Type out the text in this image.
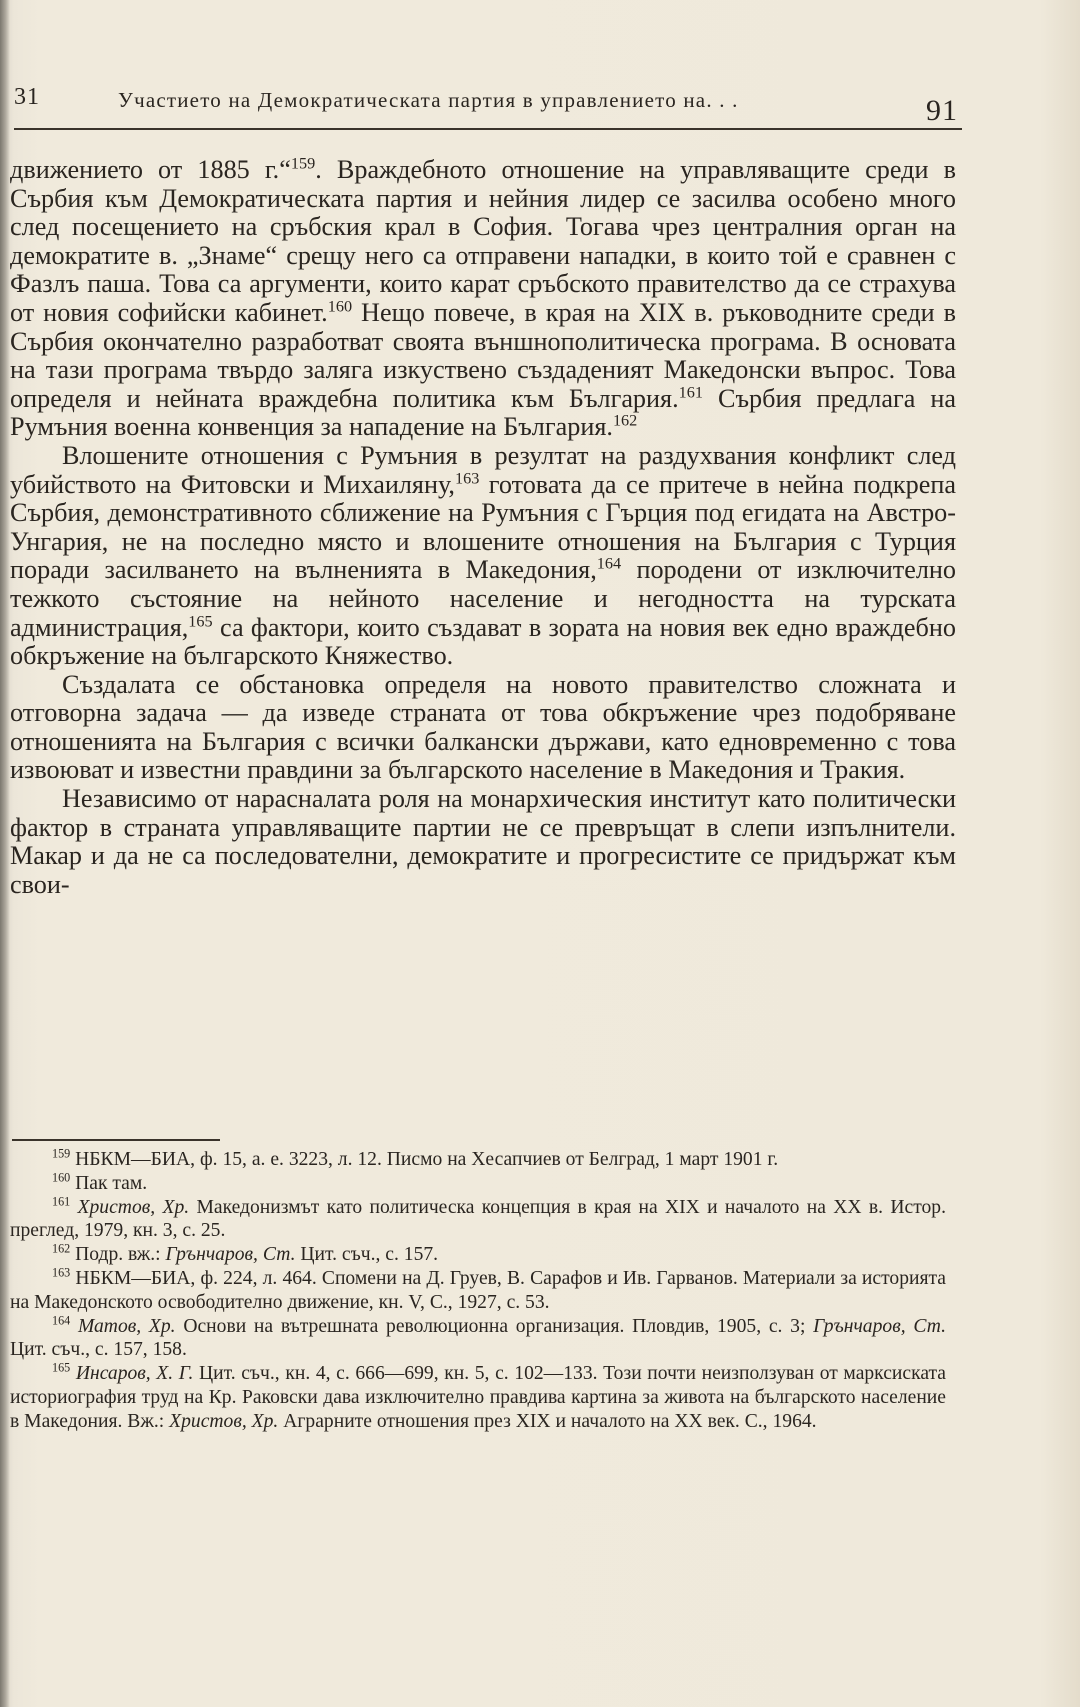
31	Участието на Демократическата партия в управлението на. . .	91

движението от 1885 г.“$^{159}$. Враждебното отношение на управляващите среди в Сърбия към Демократическата партия и нейния лидер се засилва особено много след посещението на сръбския крал в София. Тогава чрез централния орган на демократите в. „Знаме“ срещу него са отправени нападки, в които той е сравнен с Фазлъ паша. Това са аргументи, които карат сръбското правителство да се страхува от новия софийски кабинет.$^{160}$ Нещо повече, в края на XIX в. ръководните среди в Сърбия окончателно разработват своята външнополитическа програма. В основата на тази програма твърдо заляга изкуствено създаденият Македонски въпрос. Това определя и нейната враждебна политика към България.$^{161}$ Сърбия предлага на Румъния военна конвенция за нападение на България.$^{162}$

Влошените отношения с Румъния в резултат на раздухвания конфликт след убийството на Фитовски и Михаиляну,$^{163}$ готовата да се притече в нейна подкрепа Сърбия, демонстративното сближение на Румъния с Гърция под егидата на Австро-Унгария, не на последно място и влошените отношения на България с Турция поради засилването на вълненията в Македония,$^{164}$ породени от изключително тежкото състояние на нейното население и негодността на турската администрация,$^{165}$ са фактори, които създават в зората на новия век едно враждебно обкръжение на българското Княжество.

Създалата се обстановка определя на новото правителство сложната и отговорна задача — да изведе страната от това обкръжение чрез подобряване отношенията на България с всички балкански държави, като едновременно с това извоюват и известни правдини за българското население в Македония и Тракия.

Независимо от нарасналата роля на монархическия институт като политически фактор в страната управляващите партии не се превръщат в слепи изпълнители. Макар и да не са последователни, демократите и прогресистите се придържат към свои-

$^{159}$ НБКМ—БИА, ф. 15, а. е. 3223, л. 12. Писмо на Хесапчиев от Белград, 1 март 1901 г.

$^{160}$ Пак там.

$^{161}$ Христов, Хр. Македонизмът като политическа концепция в края на XIX и началото на XX в. Истор. преглед, 1979, кн. 3, с. 25.

$^{162}$ Подр. вж.: Грънчаров, Ст. Цит. съч., с. 157.

$^{163}$ НБКМ—БИА, ф. 224, л. 464. Спомени на Д. Груев, В. Сарафов и Ив. Гарванов. Материали за историята на Македонското освободително движение, кн. V, С., 1927, с. 53.

$^{164}$ Матов, Хр. Основи на вътрешната революционна организация. Пловдив, 1905, с. 3; Грънчаров, Ст. Цит. съч., с. 157, 158.

$^{165}$ Инсаров, Х. Г. Цит. съч., кн. 4, с. 666—699, кн. 5, с. 102—133. Този почти неизползуван от марксиската историография труд на Кр. Раковски дава изключително правдива картина за живота на българското население в Македония. Вж.: Христов, Хр. Аграрните отношения през XIX и началото на XX век. С., 1964.
